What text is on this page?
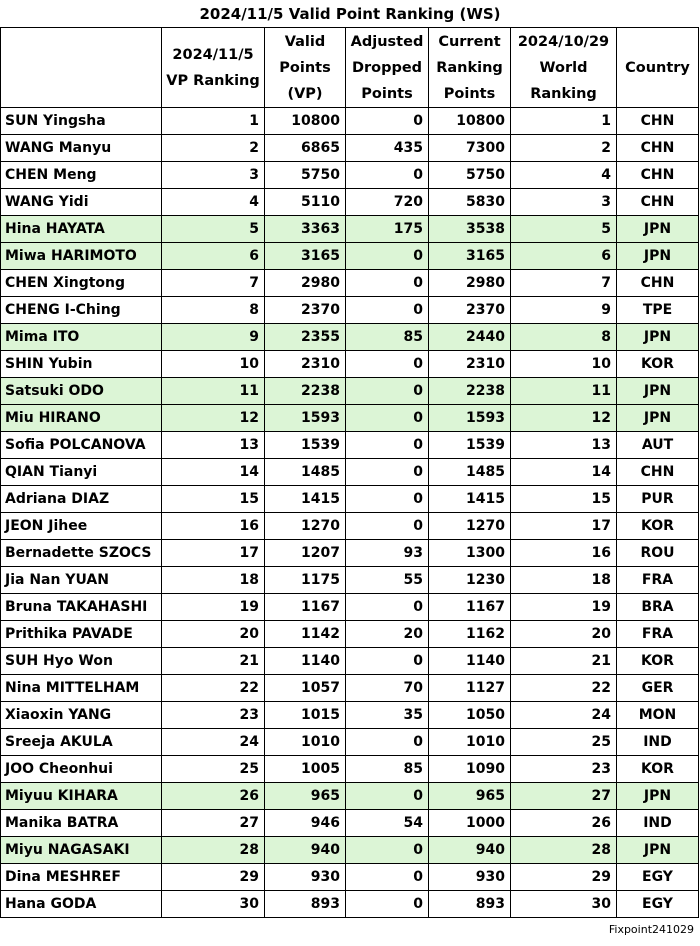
2024/11/5 Valid Point Ranking (WS)
	2024/11/5 VP Ranking	Valid Points (VP)	Adjusted Dropped Points	Current Ranking Points	2024/10/29 World Ranking	Country
SUN Yingsha	1	10800	0	10800	1	CHN
WANG Manyu	2	6865	435	7300	2	CHN
CHEN Meng	3	5750	0	5750	4	CHN
WANG Yidi	4	5110	720	5830	3	CHN
Hina HAYATA	5	3363	175	3538	5	JPN
Miwa HARIMOTO	6	3165	0	3165	6	JPN
CHEN Xingtong	7	2980	0	2980	7	CHN
CHENG I-Ching	8	2370	0	2370	9	TPE
Mima ITO	9	2355	85	2440	8	JPN
SHIN Yubin	10	2310	0	2310	10	KOR
Satsuki ODO	11	2238	0	2238	11	JPN
Miu HIRANO	12	1593	0	1593	12	JPN
Sofia POLCANOVA	13	1539	0	1539	13	AUT
QIAN Tianyi	14	1485	0	1485	14	CHN
Adriana DIAZ	15	1415	0	1415	15	PUR
JEON Jihee	16	1270	0	1270	17	KOR
Bernadette SZOCS	17	1207	93	1300	16	ROU
Jia Nan YUAN	18	1175	55	1230	18	FRA
Bruna TAKAHASHI	19	1167	0	1167	19	BRA
Prithika PAVADE	20	1142	20	1162	20	FRA
SUH Hyo Won	21	1140	0	1140	21	KOR
Nina MITTELHAM	22	1057	70	1127	22	GER
Xiaoxin YANG	23	1015	35	1050	24	MON
Sreeja AKULA	24	1010	0	1010	25	IND
JOO Cheonhui	25	1005	85	1090	23	KOR
Miyuu KIHARA	26	965	0	965	27	JPN
Manika BATRA	27	946	54	1000	26	IND
Miyu NAGASAKI	28	940	0	940	28	JPN
Dina MESHREF	29	930	0	930	29	EGY
Hana GODA	30	893	0	893	30	EGY
Fixpoint241029
